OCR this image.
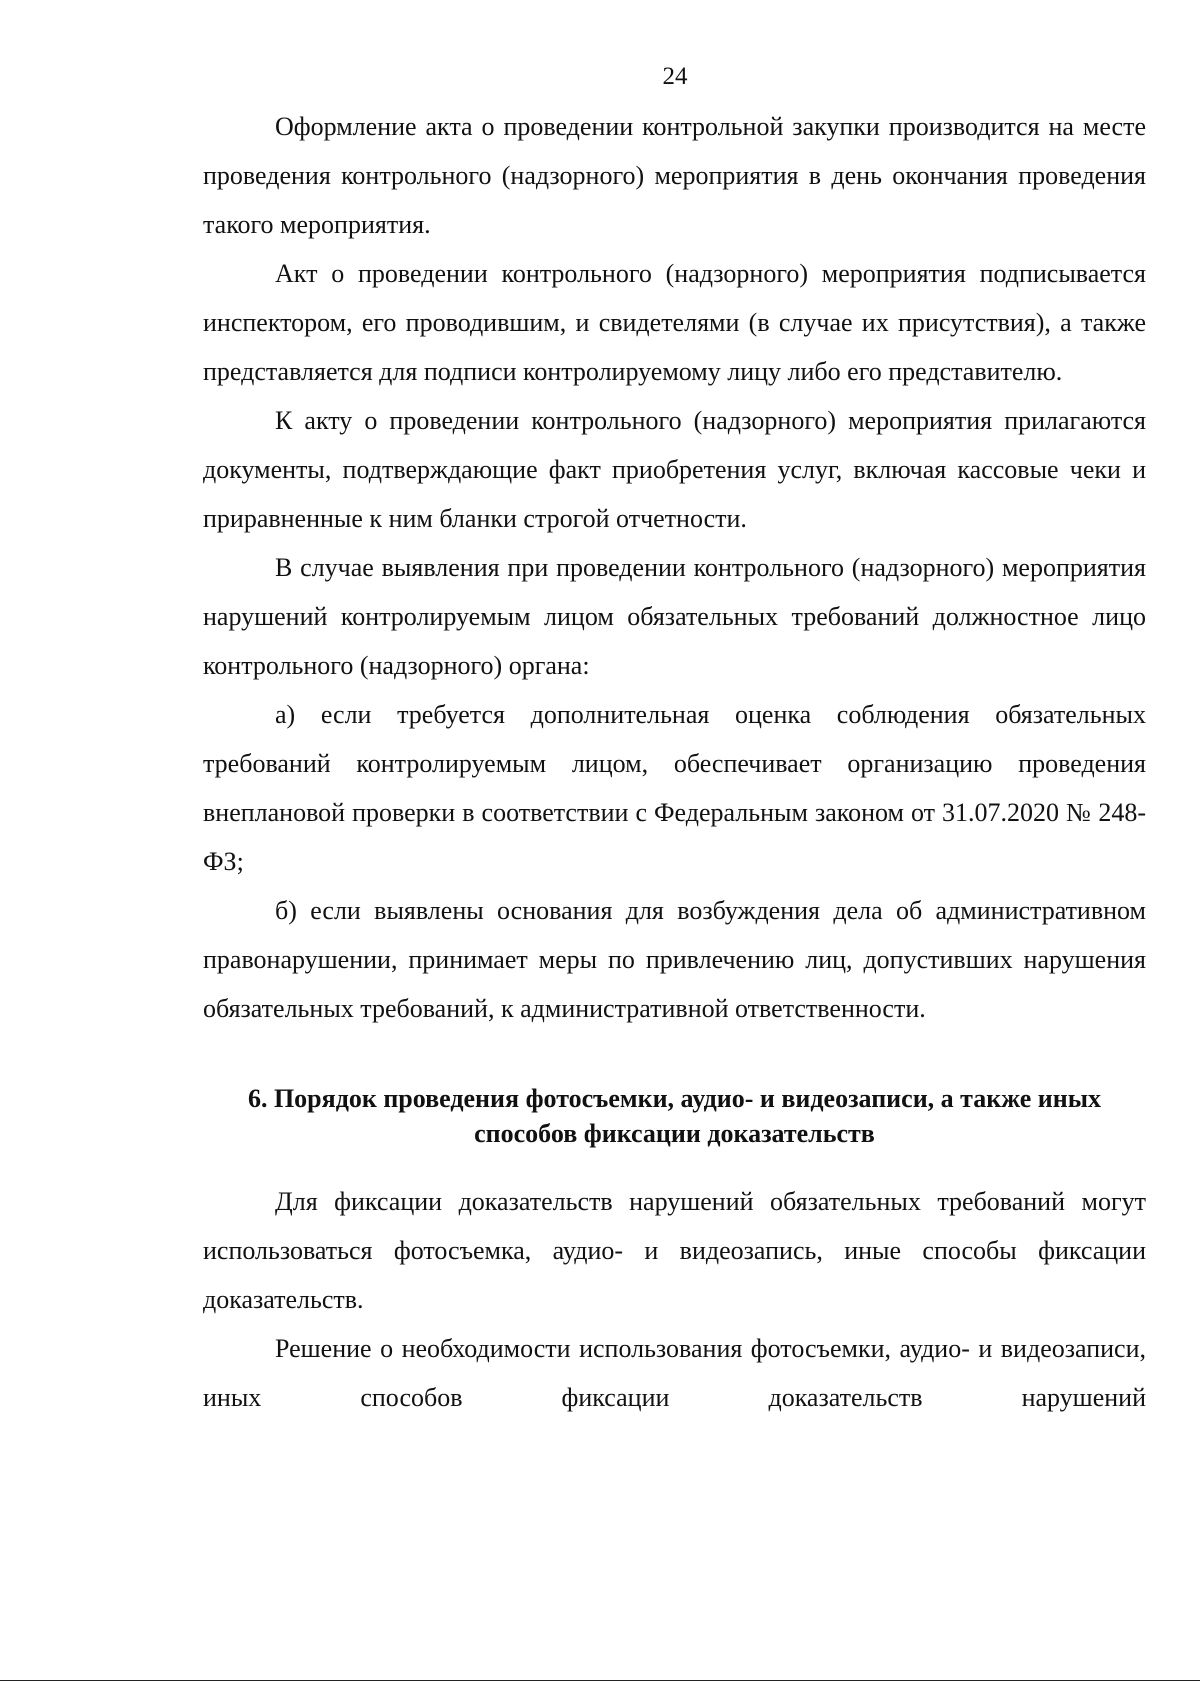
24

Оформление акта о проведении контрольной закупки производится на месте проведения контрольного (надзорного) мероприятия в день окончания проведения такого мероприятия.

Акт о проведении контрольного (надзорного) мероприятия подписывается инспектором, его проводившим, и свидетелями (в случае их присутствия), а также представляется для подписи контролируемому лицу либо его представителю.

К акту о проведении контрольного (надзорного) мероприятия прилагаются документы, подтверждающие факт приобретения услуг, включая кассовые чеки и приравненные к ним бланки строгой отчетности.

В случае выявления при проведении контрольного (надзорного) мероприятия нарушений контролируемым лицом обязательных требований должностное лицо контрольного (надзорного) органа:

а) если требуется дополнительная оценка соблюдения обязательных требований контролируемым лицом, обеспечивает организацию проведения внеплановой проверки в соответствии с Федеральным законом от 31.07.2020 № 248-ФЗ;

б) если выявлены основания для возбуждения дела об административном правонарушении, принимает меры по привлечению лиц, допустивших нарушения обязательных требований, к административной ответственности.

6. Порядок проведения фотосъемки, аудио- и видеозаписи, а также иных
способов фиксации доказательств

Для фиксации доказательств нарушений обязательных требований могут использоваться фотосъемка, аудио- и видеозапись, иные способы фиксации доказательств.

Решение о необходимости использования фотосъемки, аудио- и видеозаписи, иных способов фиксации доказательств нарушений
